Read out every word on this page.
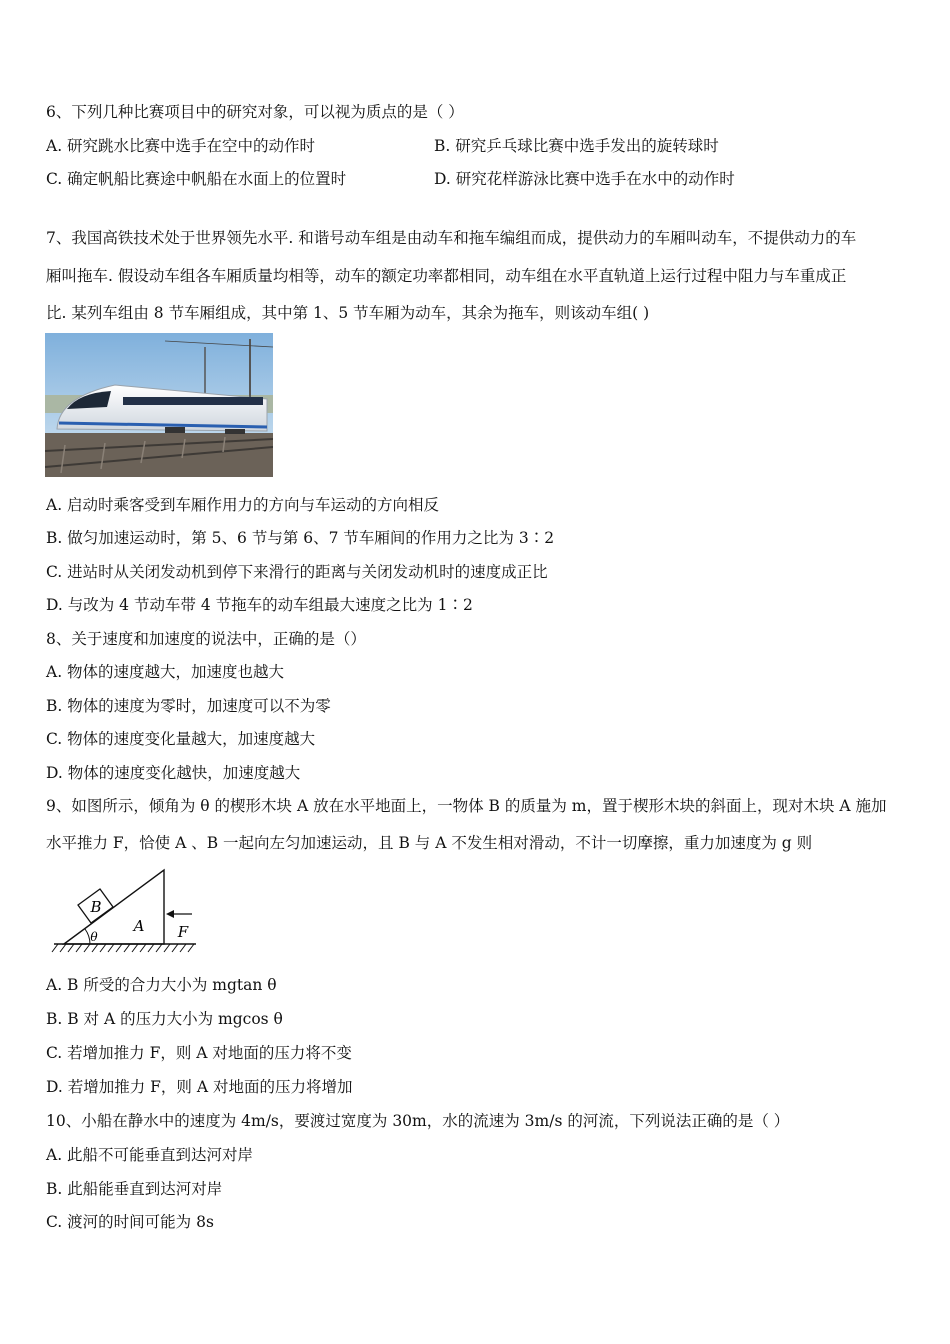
6、下列几种比赛项目中的研究对象，可以视为质点的是（ ）
A. 研究跳水比赛中选手在空中的动作时	B. 研究乒乓球比赛中选手发出的旋转球时
C. 确定帆船比赛途中帆船在水面上的位置时	D. 研究花样游泳比赛中选手在水中的动作时
7、我国高铁技术处于世界领先水平. 和谐号动车组是由动车和拖车编组而成，提供动力的车厢叫动车，不提供动力的车
厢叫拖车. 假设动车组各车厢质量均相等，动车的额定功率都相同，动车组在水平直轨道上运行过程中阻力与车重成正
比. 某列车组由 8 节车厢组成，其中第 1、5 节车厢为动车，其余为拖车，则该动车组( )
A. 启动时乘客受到车厢作用力的方向与车运动的方向相反
B. 做匀加速运动时，第 5、6 节与第 6、7 节车厢间的作用力之比为 3∶2
C. 进站时从关闭发动机到停下来滑行的距离与关闭发动机时的速度成正比
D. 与改为 4 节动车带 4 节拖车的动车组最大速度之比为 1∶2
8、关于速度和加速度的说法中，正确的是（）
A. 物体的速度越大，加速度也越大
B. 物体的速度为零时，加速度可以不为零
C. 物体的速度变化量越大，加速度越大
D. 物体的速度变化越快，加速度越大
9、如图所示，倾角为 θ 的楔形木块 A 放在水平地面上，一物体 B 的质量为 m，置于楔形木块的斜面上，现对木块 A 施加
水平推力 F，恰使 A 、B 一起向左匀加速运动，且 B 与 A 不发生相对滑动，不计一切摩擦，重力加速度为 g 则
B
A F
θ
A. B 所受的合力大小为 mgtan θ
B. B 对 A 的压力大小为 mgcos θ
C. 若增加推力 F，则 A 对地面的压力将不变
D. 若增加推力 F，则 A 对地面的压力将增加
10、小船在静水中的速度为 4m/s，要渡过宽度为 30m，水的流速为 3m/s 的河流，下列说法正确的是（ ）
A. 此船不可能垂直到达河对岸
B. 此船能垂直到达河对岸
C. 渡河的时间可能为 8s
